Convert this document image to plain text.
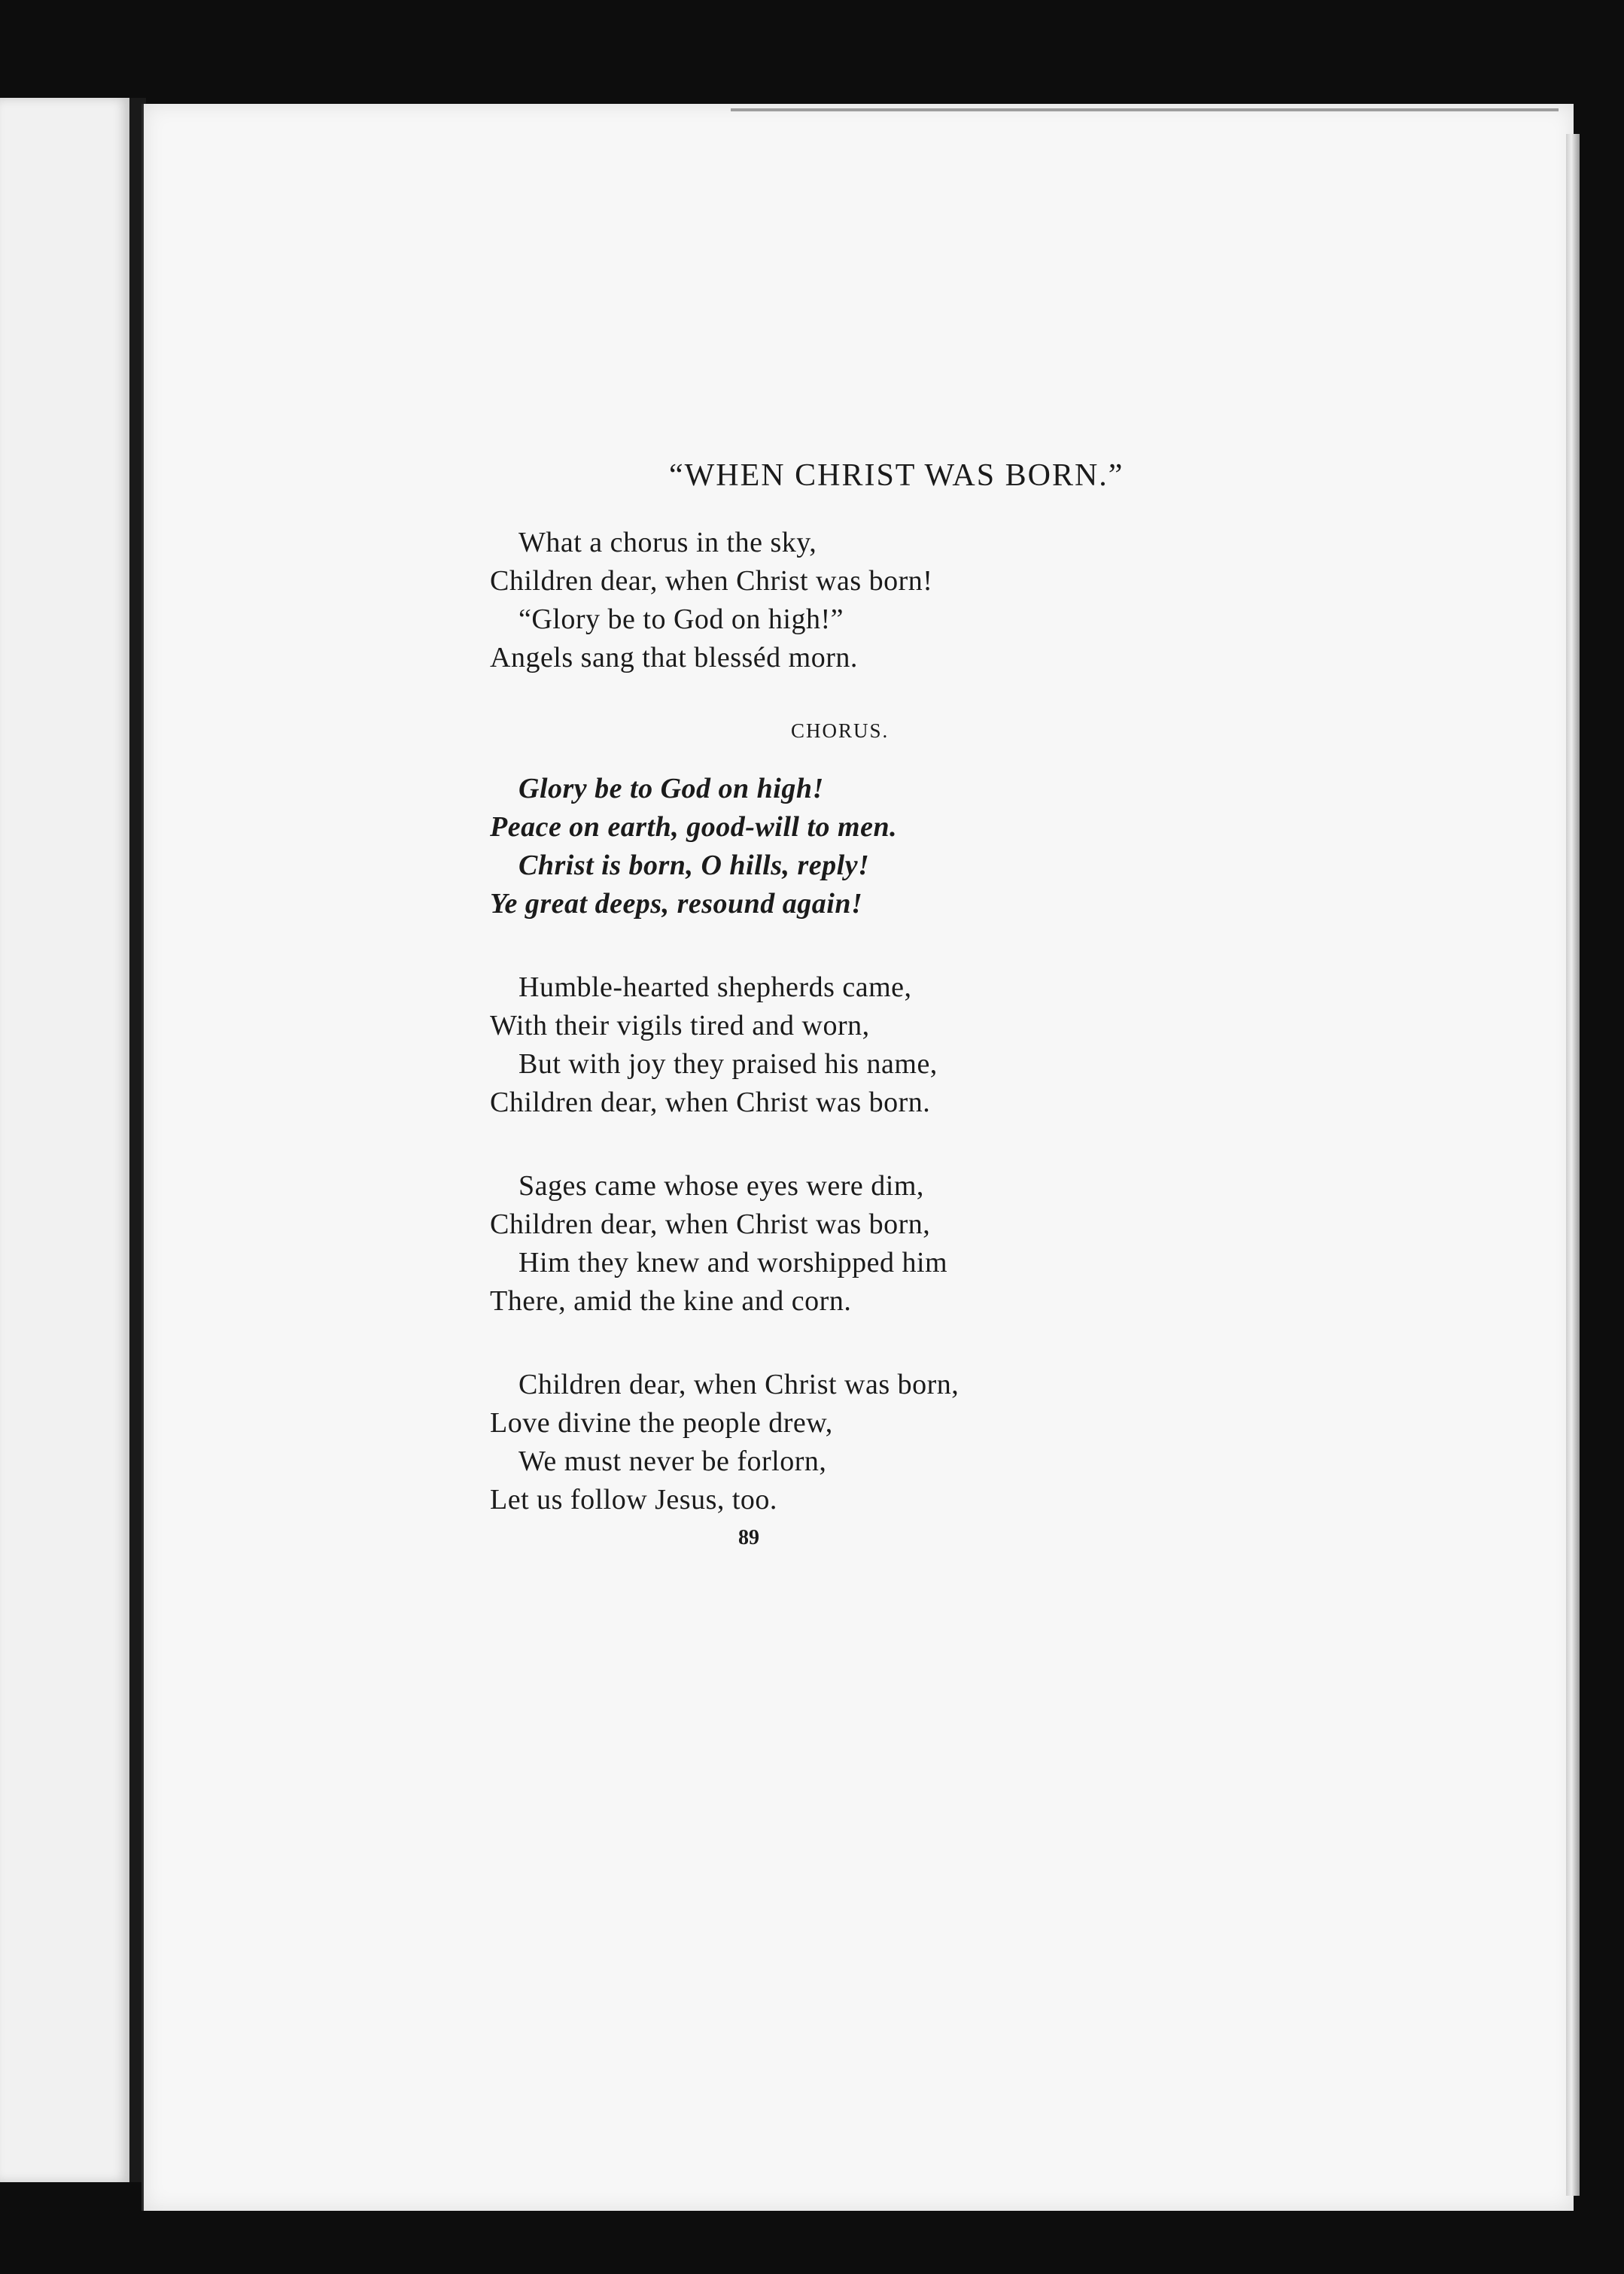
“WHEN CHRIST WAS BORN.”
What a chorus in the sky,
Children dear, when Christ was born!
“Glory be to God on high!”
Angels sang that blesséd morn.
CHORUS.
Glory be to God on high!
Peace on earth, good-will to men.
Christ is born, O hills, reply!
Ye great deeps, resound again!
Humble-hearted shepherds came,
With their vigils tired and worn,
But with joy they praised his name,
Children dear, when Christ was born.
Sages came whose eyes were dim,
Children dear, when Christ was born,
Him they knew and worshipped him
There, amid the kine and corn.
Children dear, when Christ was born,
Love divine the people drew,
We must never be forlorn,
Let us follow Jesus, too.
89
